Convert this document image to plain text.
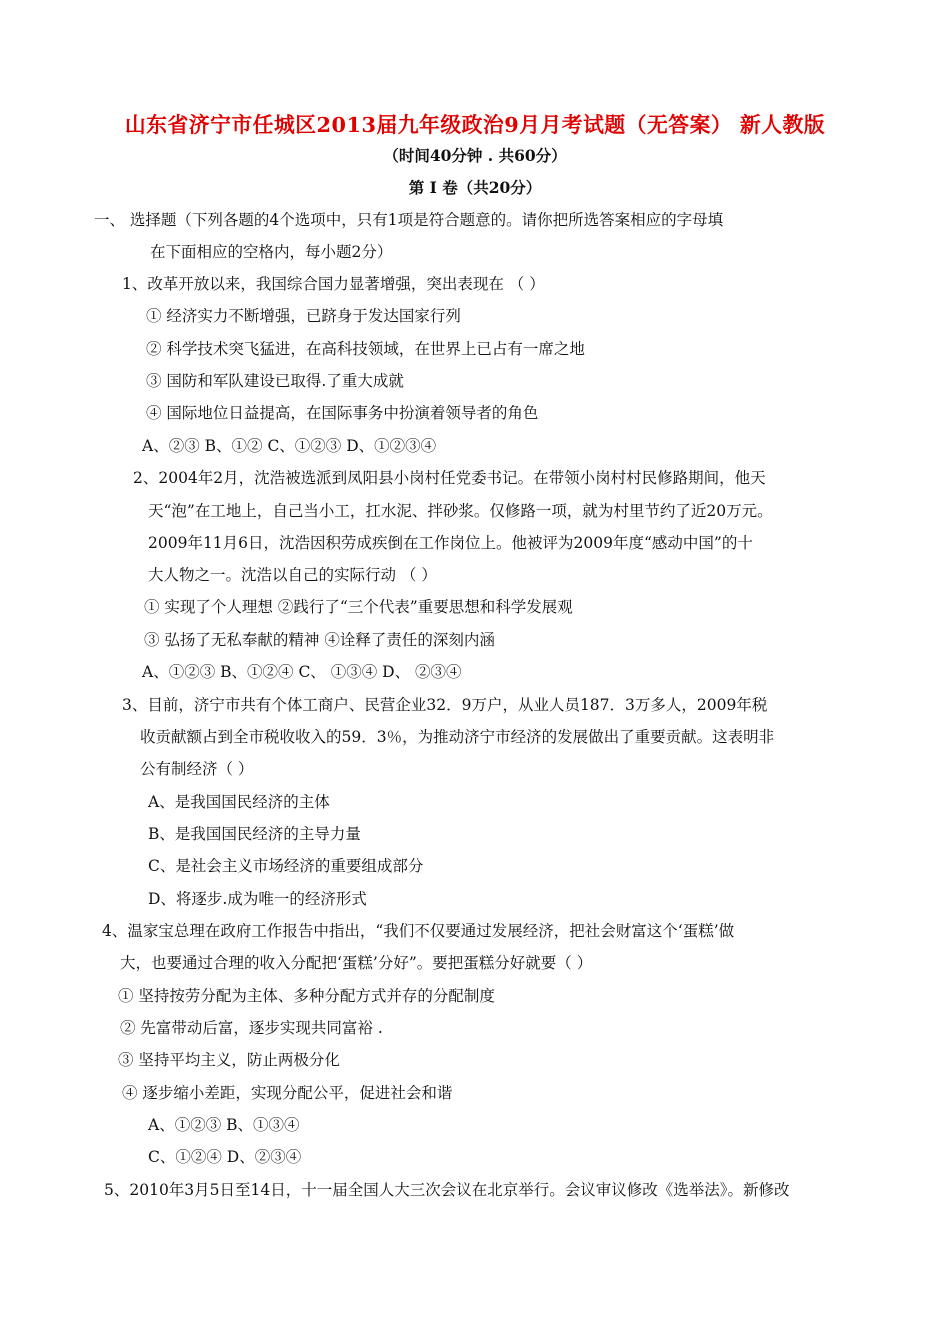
山东省济宁市任城区2013届九年级政治9月月考试题（无答案） 新人教版
（时间40分钟 . 共60分）
第 I 卷（共20分）
一、 选择题（下列各题的4个选项中，只有1项是符合题意的。请你把所选答案相应的字母填
在下面相应的空格内，每小题2分）
1、改革开放以来，我国综合国力显著增强，突出表现在 （ ）
① 经济实力不断增强，已跻身于发达国家行列
② 科学技术突飞猛进，在高科技领域，在世界上已占有一席之地
③ 国防和军队建设已取得.了重大成就
④ 国际地位日益提高，在国际事务中扮演着领导者的角色
A、②③ B、①② C、①②③ D、①②③④
2、2004年2月，沈浩被选派到凤阳县小岗村任党委书记。在带领小岗村村民修路期间，他天
天“泡”在工地上，自己当小工，扛水泥、拌砂浆。仅修路一项，就为村里节约了近20万元。
2009年11月6日，沈浩因积劳成疾倒在工作岗位上。他被评为2009年度“感动中国”的十
大人物之一。沈浩以自己的实际行动 （ ）
① 实现了个人理想 ②践行了“三个代表”重要思想和科学发展观
③ 弘扬了无私奉献的精神 ④诠释了责任的深刻内涵
A、①②③ B、①②④ C、 ①③④ D、 ②③④
3、目前，济宁市共有个体工商户、民营企业32．9万户，从业人员187．3万多人，2009年税
收贡献额占到全市税收收入的59．3％，为推动济宁市经济的发展做出了重要贡献。这表明非
公有制经济（ ）
A、是我国国民经济的主体
B、是我国国民经济的主导力量
C、是社会主义市场经济的重要组成部分
D、将逐步.成为唯一的经济形式
4、温家宝总理在政府工作报告中指出，“我们不仅要通过发展经济，把社会财富这个‘蛋糕’做
大，也要通过合理的收入分配把‘蛋糕’分好”。要把蛋糕分好就要（ ）
① 坚持按劳分配为主体、多种分配方式并存的分配制度
② 先富带动后富，逐步实现共同富裕 .
③ 坚持平均主义，防止两极分化
④ 逐步缩小差距，实现分配公平，促进社会和谐
A、①②③ B、①③④
C、①②④ D、②③④
5、2010年3月5日至14日，十一届全国人大三次会议在北京举行。会议审议修改《选举法》。新修改
